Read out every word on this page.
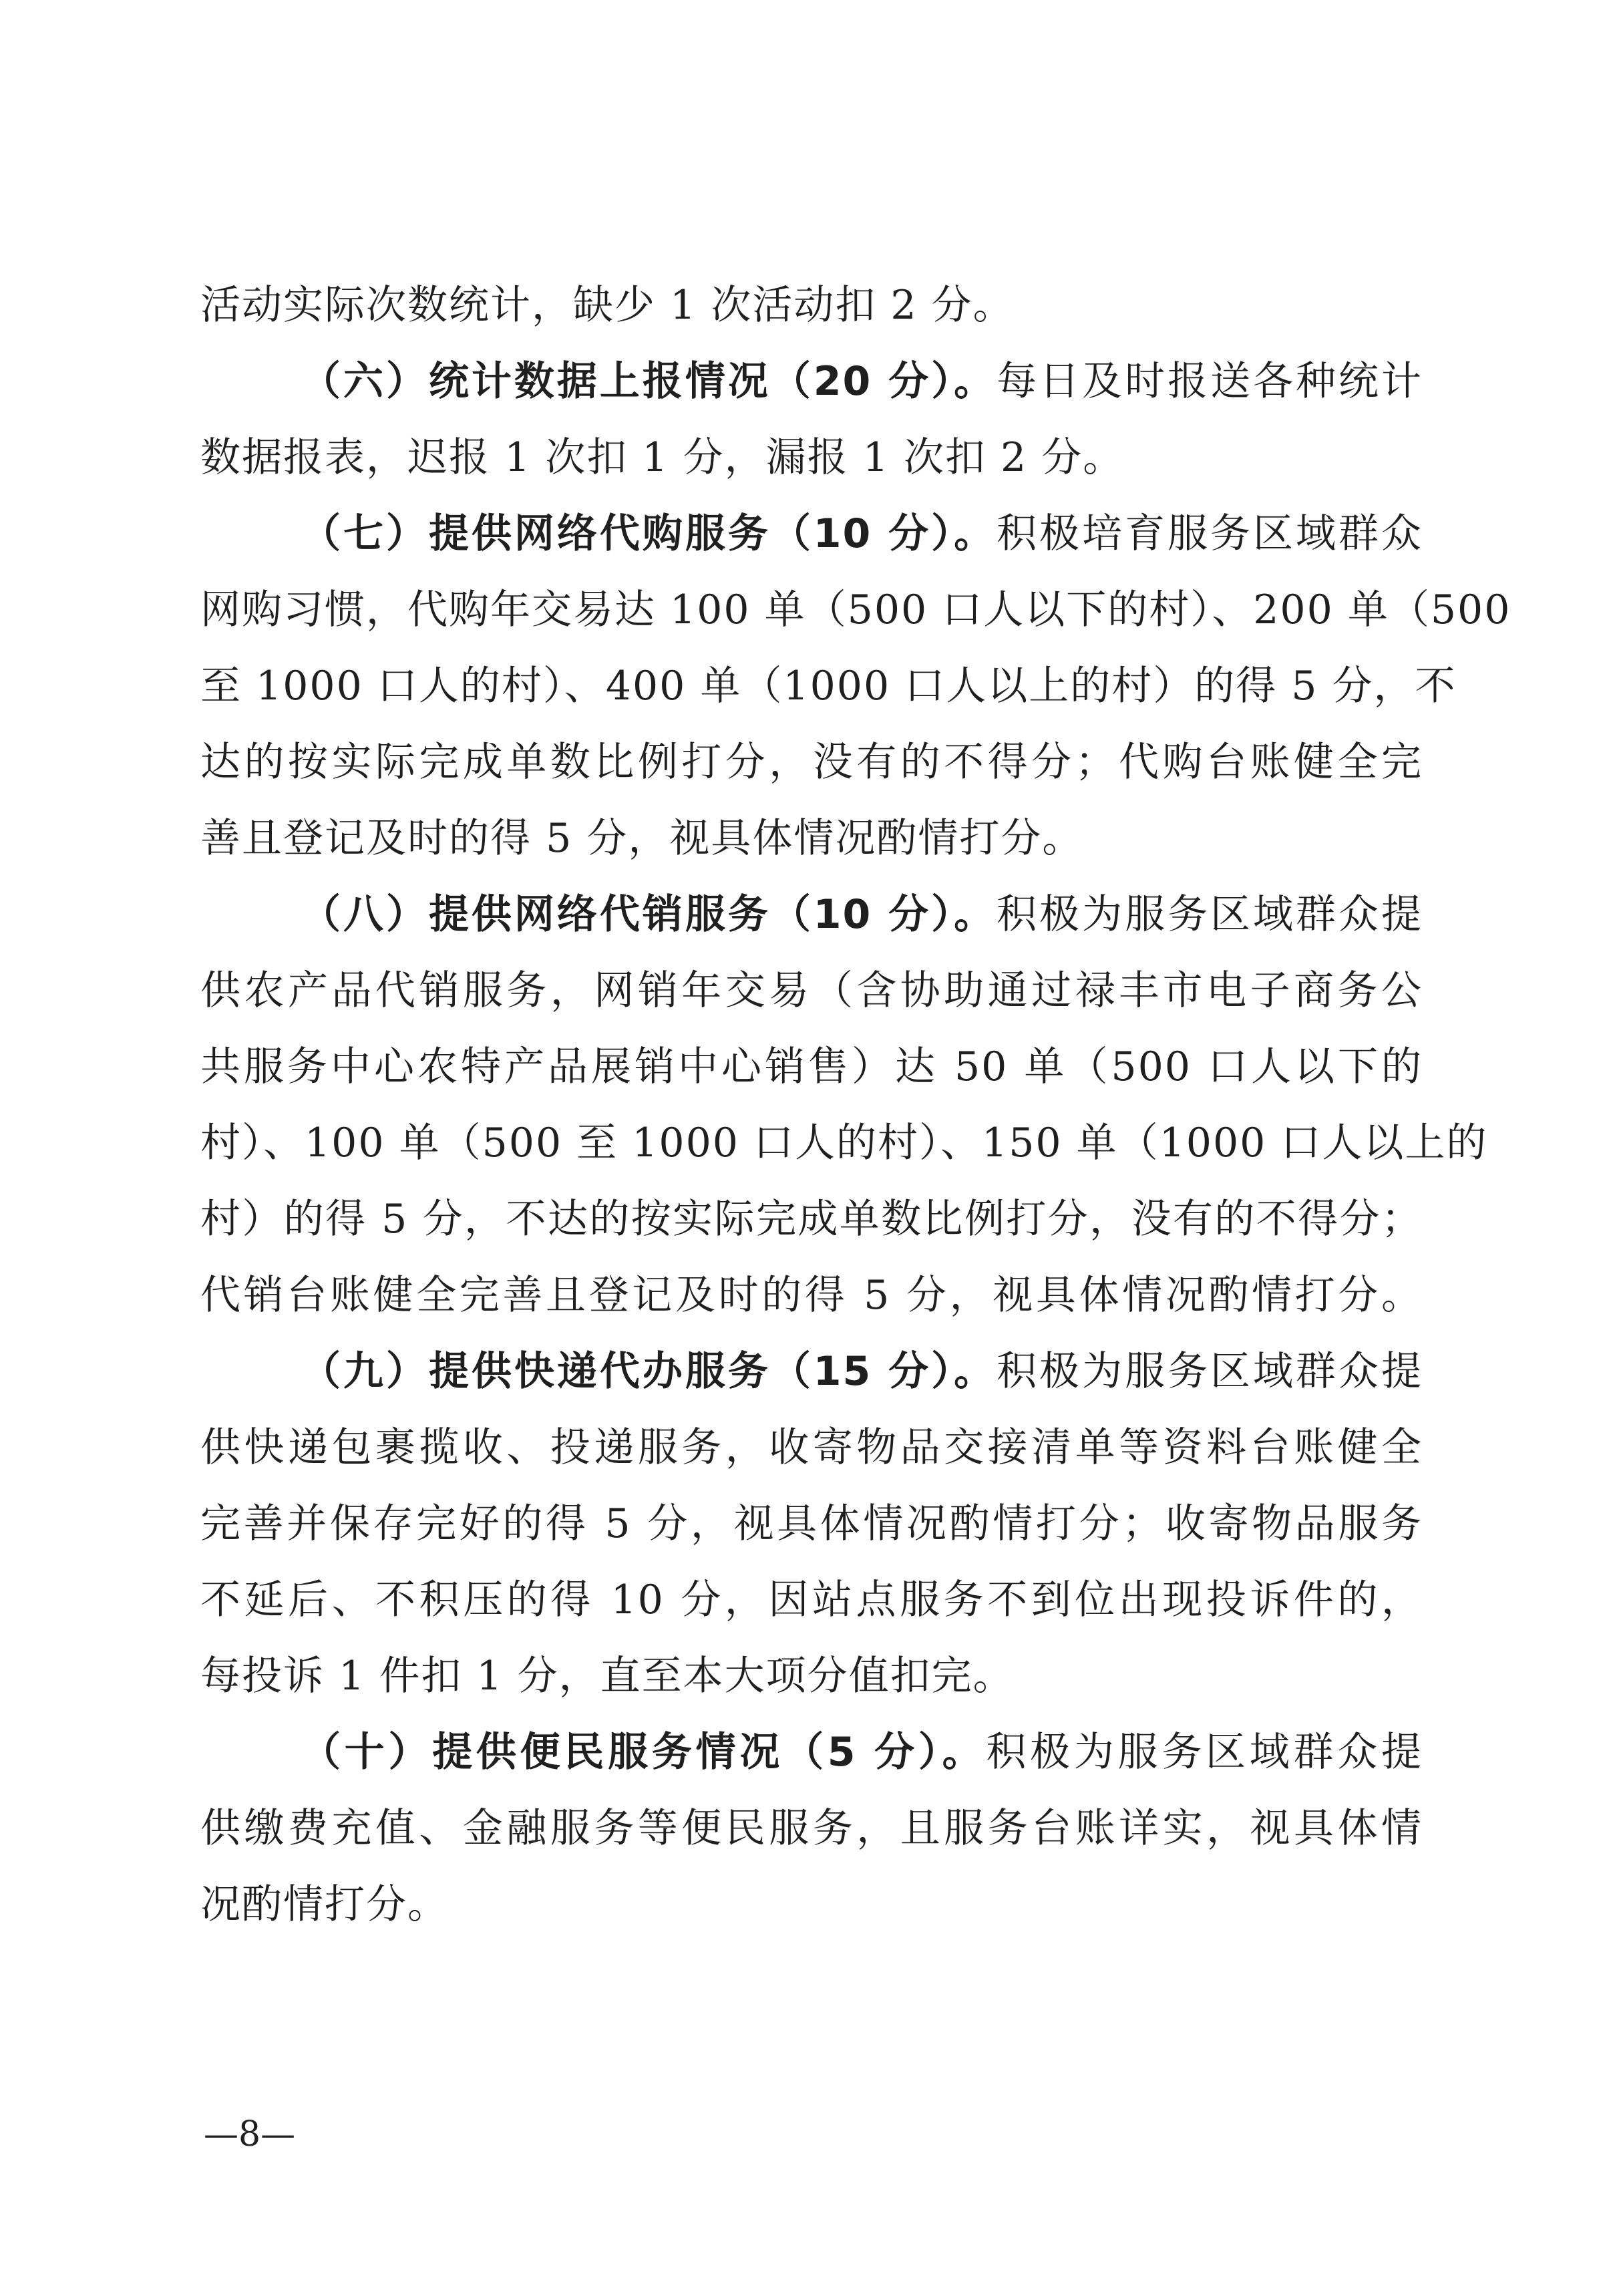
活动实际次数统计，缺少 1 次活动扣 2 分。
（六）统计数据上报情况（20 分）。每日及时报送各种统计
数据报表，迟报 1 次扣 1 分，漏报 1 次扣 2 分。
（七）提供网络代购服务（10 分）。积极培育服务区域群众
网购习惯，代购年交易达 100 单（500 口人以下的村）、200 单（500
至 1000 口人的村）、400 单（1000 口人以上的村）的得 5 分，不
达的按实际完成单数比例打分，没有的不得分；代购台账健全完
善且登记及时的得 5 分，视具体情况酌情打分。
（八）提供网络代销服务（10 分）。积极为服务区域群众提
供农产品代销服务，网销年交易（含协助通过禄丰市电子商务公
共服务中心农特产品展销中心销售）达 50 单（500 口人以下的
村）、100 单（500 至 1000 口人的村）、150 单（1000 口人以上的
村）的得 5 分，不达的按实际完成单数比例打分，没有的不得分；
代销台账健全完善且登记及时的得 5 分，视具体情况酌情打分。
（九）提供快递代办服务（15 分）。积极为服务区域群众提
供快递包裹揽收、投递服务，收寄物品交接清单等资料台账健全
完善并保存完好的得 5 分，视具体情况酌情打分；收寄物品服务
不延后、不积压的得 10 分，因站点服务不到位出现投诉件的，
每投诉 1 件扣 1 分，直至本大项分值扣完。
（十）提供便民服务情况（5 分）。积极为服务区域群众提
供缴费充值、金融服务等便民服务，且服务台账详实，视具体情
况酌情打分。
—8—
